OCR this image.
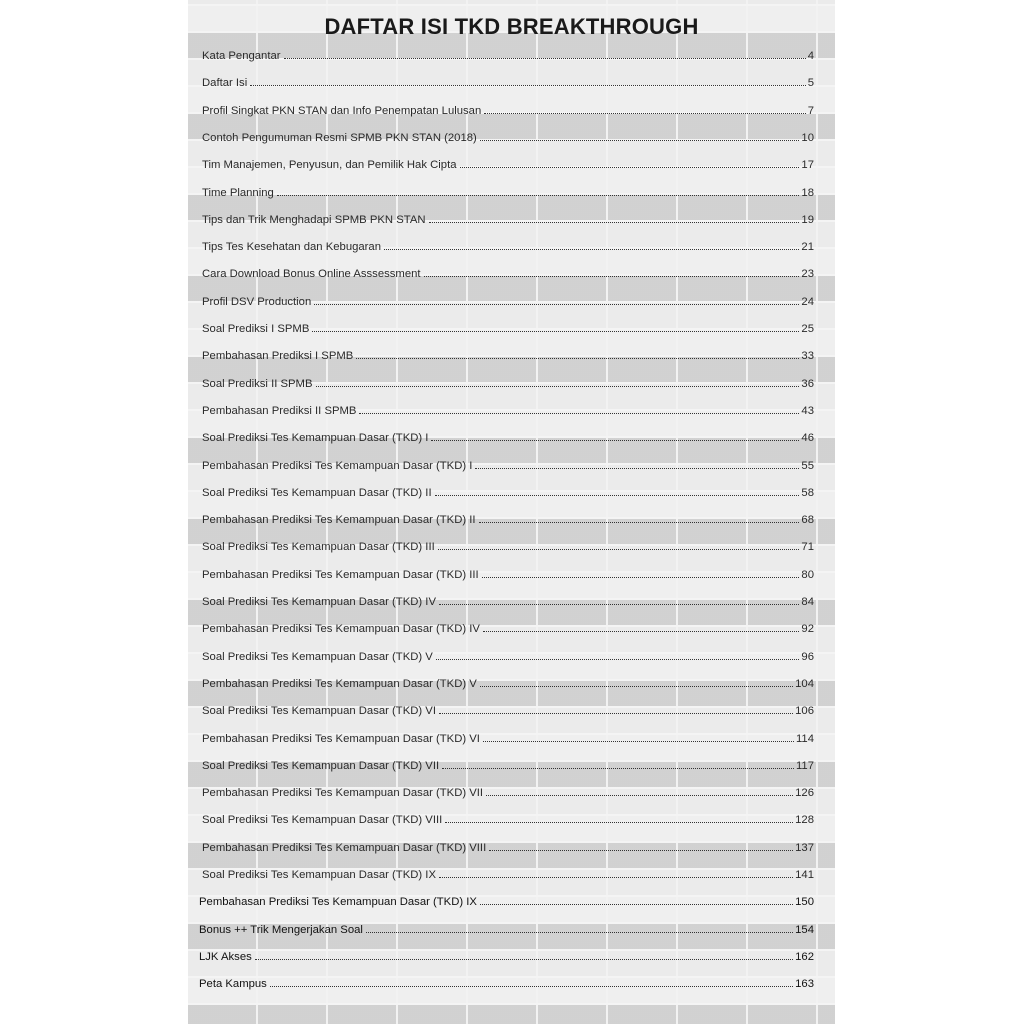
DAFTAR ISI TKD BREAKTHROUGH
Kata Pengantar	4
Daftar Isi	5
Profil Singkat PKN STAN dan Info Penempatan Lulusan	7
Contoh Pengumuman Resmi SPMB PKN STAN (2018)	10
Tim Manajemen, Penyusun, dan Pemilik Hak Cipta	17
Time Planning	18
Tips dan Trik Menghadapi SPMB PKN STAN	19
Tips Tes Kesehatan dan Kebugaran	21
Cara Download Bonus Online Asssessment	23
Profil DSV Production	24
Soal Prediksi I SPMB	25
Pembahasan Prediksi I SPMB	33
Soal Prediksi II SPMB	36
Pembahasan Prediksi II SPMB	43
Soal Prediksi Tes Kemampuan Dasar (TKD) I	46
Pembahasan Prediksi Tes Kemampuan Dasar (TKD) I	55
Soal Prediksi Tes Kemampuan Dasar (TKD) II	58
Pembahasan Prediksi Tes Kemampuan Dasar (TKD) II	68
Soal Prediksi Tes Kemampuan Dasar (TKD) III	71
Pembahasan Prediksi Tes Kemampuan Dasar (TKD) III	80
Soal Prediksi Tes Kemampuan Dasar (TKD) IV	84
Pembahasan Prediksi Tes Kemampuan Dasar (TKD) IV	92
Soal Prediksi Tes Kemampuan Dasar (TKD) V	96
Pembahasan Prediksi Tes Kemampuan Dasar (TKD) V	104
Soal Prediksi Tes Kemampuan Dasar (TKD) VI	106
Pembahasan Prediksi Tes Kemampuan Dasar (TKD) VI	114
Soal Prediksi Tes Kemampuan Dasar (TKD) VII	117
Pembahasan Prediksi Tes Kemampuan Dasar (TKD) VII	126
Soal Prediksi Tes Kemampuan Dasar (TKD) VIII	128
Pembahasan Prediksi Tes Kemampuan Dasar (TKD) VIII	137
Soal Prediksi Tes Kemampuan Dasar (TKD) IX	141
Pembahasan Prediksi Tes Kemampuan Dasar (TKD) IX	150
Bonus ++ Trik Mengerjakan Soal	154
LJK Akses	162
Peta Kampus	163
